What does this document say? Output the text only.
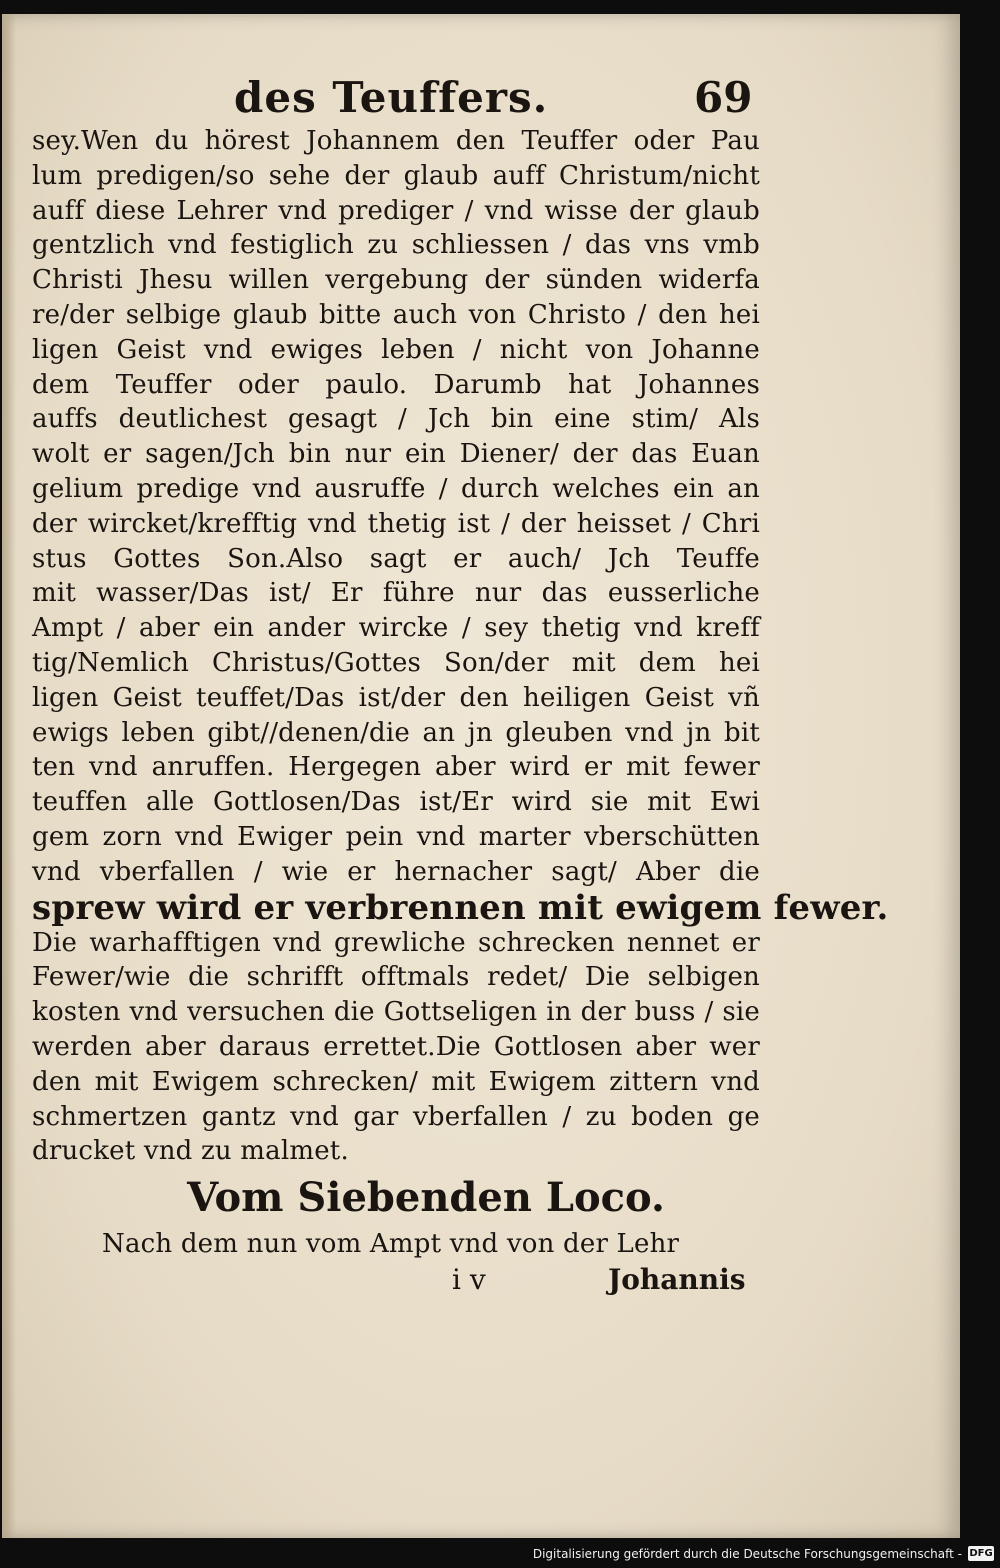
des Teuffers.	69
sey.Wen du hörest Johannem den Teuffer oder Pau
lum predigen/so sehe der glaub auff Christum/nicht
auff diese Lehrer vnd prediger / vnd wisse der glaub
gentzlich vnd festiglich zu schliessen / das vns vmb
Christi Jhesu willen vergebung der sünden widerfa
re/der selbige glaub bitte auch von Christo / den hei
ligen Geist vnd ewiges leben / nicht von Johanne
dem Teuffer oder paulo. Darumb hat Johannes
auffs deutlichest gesagt / Jch bin eine stim/ Als
wolt er sagen/Jch bin nur ein Diener/ der das Euan
gelium predige vnd ausruffe / durch welches ein an
der wircket/krefftig vnd thetig ist / der heisset / Chri
stus Gottes Son.Also sagt er auch/ Jch Teuffe
mit wasser/Das ist/ Er führe nur das eusserliche
Ampt / aber ein ander wircke / sey thetig vnd kreff
tig/Nemlich Christus/Gottes Son/der mit dem hei
ligen Geist teuffet/Das ist/der den heiligen Geist vñ
ewigs leben gibt//denen/die an jn gleuben vnd jn bit
ten vnd anruffen. Hergegen aber wird er mit fewer
teuffen alle Gottlosen/Das ist/Er wird sie mit Ewi
gem zorn vnd Ewiger pein vnd marter vberschütten
vnd vberfallen / wie er hernacher sagt/ Aber die
sprew wird er verbrennen mit ewigem fewer.
Die warhafftigen vnd grewliche schrecken nennet er
Fewer/wie die schrifft offtmals redet/ Die selbigen
kosten vnd versuchen die Gottseligen in der buss / sie
werden aber daraus errettet.Die Gottlosen aber wer
den mit Ewigem schrecken/ mit Ewigem zittern vnd
schmertzen gantz vnd gar vberfallen / zu boden ge
drucket vnd zu malmet.
Vom Siebenden Loco.
Nach dem nun vom Ampt vnd von der Lehr
i v	Johannis
Digitalisierung gefördert durch die Deutsche Forschungsgemeinschaft - DFG
